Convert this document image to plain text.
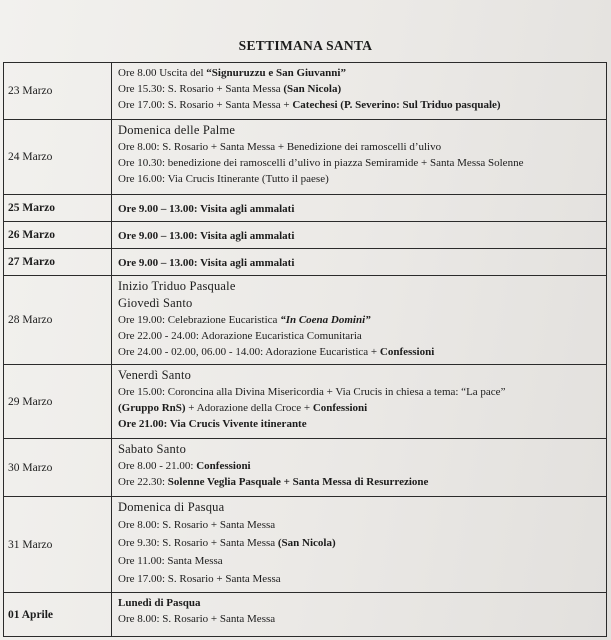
SETTIMANA SANTA
23 Marzo	Ore 8.00 Uscita del “Signuruzzu e San Giuvanni”
Ore 15.30: S. Rosario + Santa Messa (San Nicola)
Ore 17.00: S. Rosario + Santa Messa + Catechesi (P. Severino: Sul Triduo pasquale)

24 Marzo	Domenica delle Palme
Ore 8.00: S. Rosario + Santa Messa + Benedizione dei ramoscelli d’ulivo
Ore 10.30: benedizione dei ramoscelli d’ulivo in piazza Semiramide + Santa Messa Solenne
Ore 16.00: Via Crucis Itinerante (Tutto il paese)

25 Marzo	Ore 9.00 – 13.00: Visita agli ammalati

26 Marzo	Ore 9.00 – 13.00: Visita agli ammalati

27 Marzo	Ore 9.00 – 13.00: Visita agli ammalati

28 Marzo	Inizio Triduo Pasquale
Giovedì Santo
Ore 19.00: Celebrazione Eucaristica “In Coena Domini”
Ore 22.00 - 24.00: Adorazione Eucaristica Comunitaria
Ore 24.00 - 02.00, 06.00 - 14.00: Adorazione Eucaristica + Confessioni

29 Marzo	Venerdì Santo
Ore 15.00: Coroncina alla Divina Misericordia + Via Crucis in chiesa a tema: “La pace”
(Gruppo RnS) + Adorazione della Croce + Confessioni
Ore 21.00: Via Crucis Vivente itinerante

30 Marzo	Sabato Santo
Ore 8.00 - 21.00: Confessioni
Ore 22.30: Solenne Veglia Pasquale + Santa Messa di Resurrezione

31 Marzo	Domenica di Pasqua
Ore 8.00: S. Rosario + Santa Messa
Ore 9.30: S. Rosario + Santa Messa (San Nicola)
Ore 11.00: Santa Messa
Ore 17.00: S. Rosario + Santa Messa

01 Aprile	Lunedì di Pasqua
Ore 8.00: S. Rosario + Santa Messa
